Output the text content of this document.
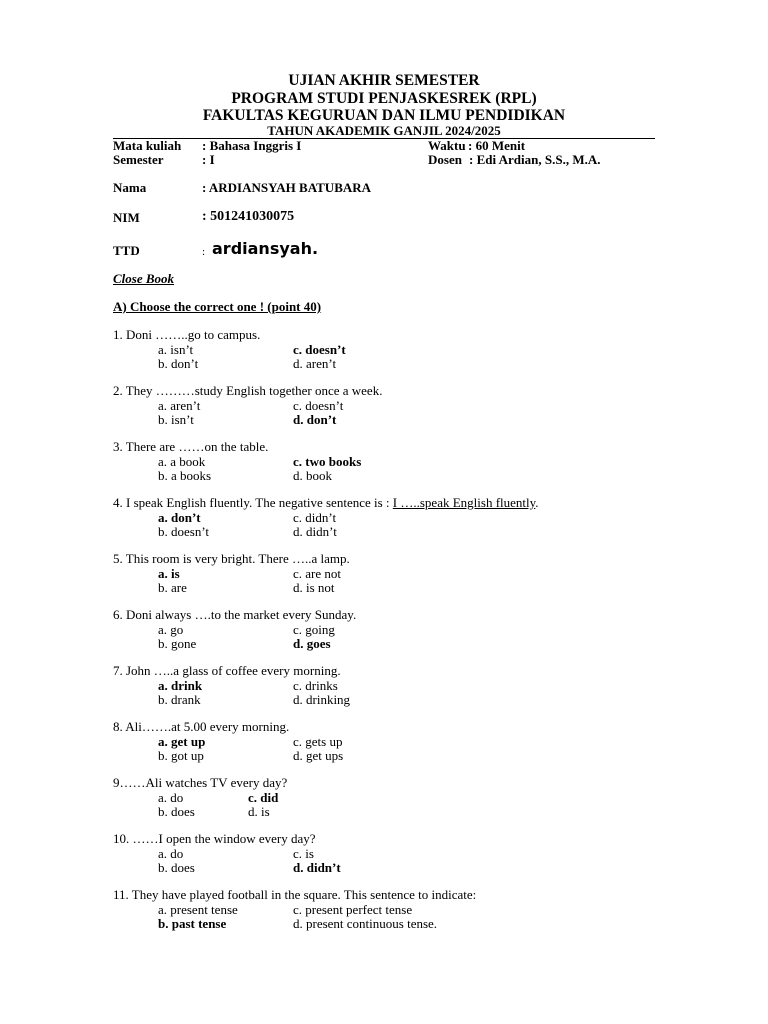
UJIAN AKHIR SEMESTER
PROGRAM STUDI PENJASKESREK (RPL)
FAKULTAS KEGURUAN DAN ILMU PENDIDIKAN
TAHUN AKADEMIK GANJIL 2024/2025
Mata kuliah : Bahasa Inggris I	Waktu : 60 Menit
Semester	: I	Dosen : Edi Ardian, S.S., M.A.
Nama	: ARDIANSYAH BATUBARA
NIM	: 501241030075
TTD	: ardiansyah.
Close Book
A) Choose the correct one ! (point 40)
1. Doni ……..go to campus.
a. isn’t	c. doesn’t
b. don’t	d. aren’t
2. They ………study English together once a week.
a. aren’t	c. doesn’t
b. isn’t	d. don’t
3. There are ……on the table.
a. a book	c. two books
b. a books	d. book
4. I speak English fluently. The negative sentence is : I …..speak English fluently.
a. don’t	c. didn’t
b. doesn’t	d. didn’t
5. This room is very bright. There …..a lamp.
a. is	c. are not
b. are	d. is not
6. Doni always ….to the market every Sunday.
a. go	c. going
b. gone	d. goes
7. John …..a glass of coffee every morning.
a. drink	c. drinks
b. drank	d. drinking
8. Ali…….at 5.00 every morning.
a. get up	c. gets up
b. got up	d. get ups
9……Ali watches TV every day?
a. do	c. did
b. does	d. is
10. ……I open the window every day?
a. do	c. is
b. does	d. didn’t
11. They have played football in the square. This sentence to indicate:
a. present tense	c. present perfect tense
b. past tense	d. present continuous tense.
